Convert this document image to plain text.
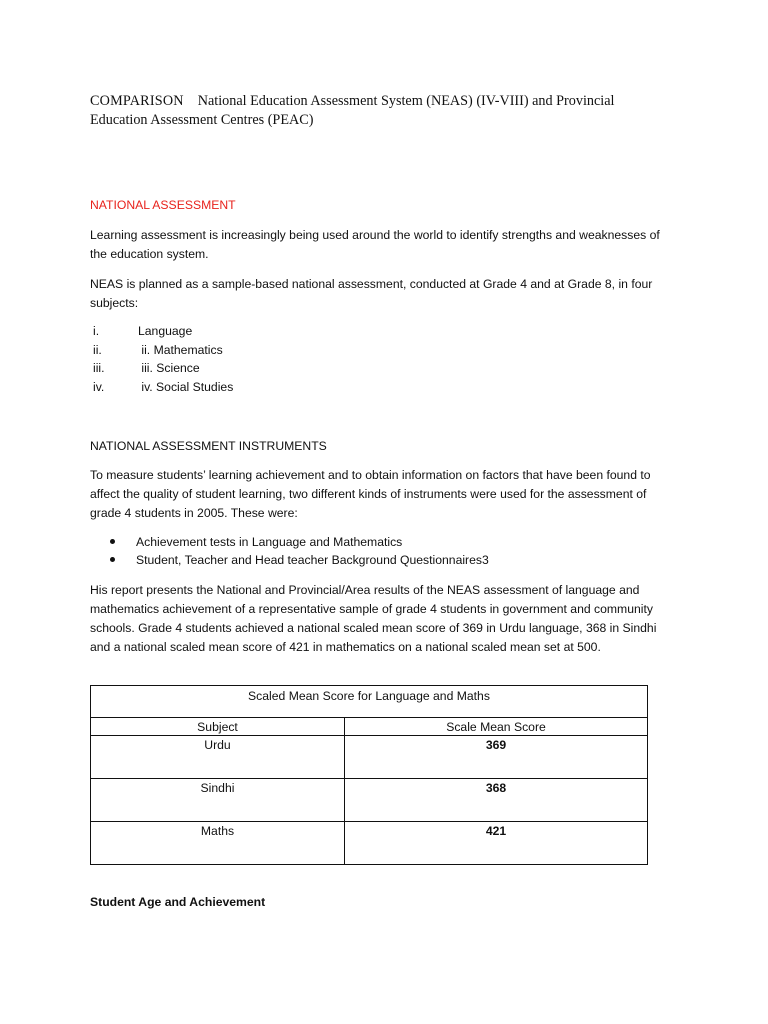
COMPARISON National Education Assessment System (NEAS) (IV-VIII) and Provincial
Education Assessment Centres (PEAC)
NATIONAL ASSESSMENT

Learning assessment is increasingly being used around the world to identify strengths and weaknesses of the education system.

NEAS is planned as a sample-based national assessment, conducted at Grade 4 and at Grade 8, in four subjects:

i.	Language
ii.	ii. Mathematics
iii.	iii. Science
iv.	iv. Social Studies
NATIONAL ASSESSMENT INSTRUMENTS

To measure students’ learning achievement and to obtain information on factors that have been found to affect the quality of student learning, two different kinds of instruments were used for the assessment of grade 4 students in 2005. These were:

Achievement tests in Language and Mathematics
Student, Teacher and Head teacher Background Questionnaires3

His report presents the National and Provincial/Area results of the NEAS assessment of language and mathematics achievement of a representative sample of grade 4 students in government and community schools. Grade 4 students achieved a national scaled mean score of 369 in Urdu language, 368 in Sindhi and a national scaled mean score of 421 in mathematics on a national scaled mean set at 500.

Scaled Mean Score for Language and Maths	
Subject	Scale Mean Score
Urdu	369
Sindhi	368
Maths	421
Student Age and Achievement
